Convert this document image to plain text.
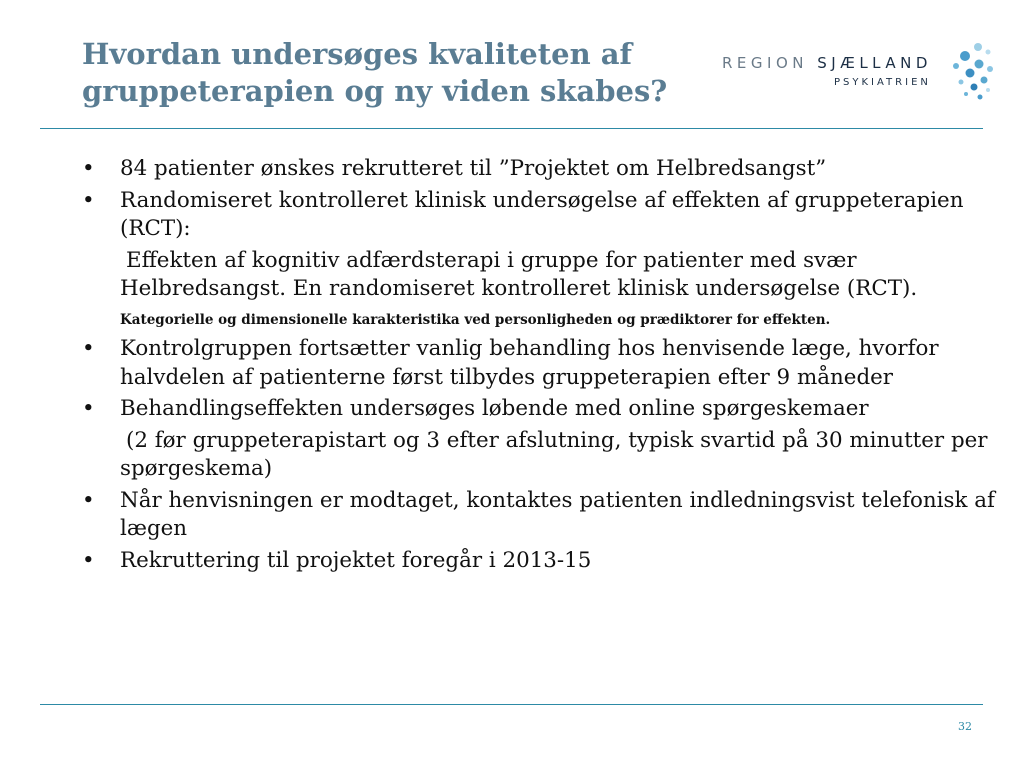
Hvordan undersøges kvaliteten af
gruppeterapien og ny viden skabes?
REGION SJÆLLAND
PSYKIATRIEN
• 84 patienter ønskes rekrutteret til ”Projektet om Helbredsangst”
• Randomiseret kontrolleret klinisk undersøgelse af effekten af gruppeterapien (RCT):
Effekten af kognitiv adfærdsterapi i gruppe for patienter med svær Helbredsangst. En randomiseret kontrolleret klinisk undersøgelse (RCT). Kategorielle og dimensionelle karakteristika ved personligheden og prædiktorer for effekten.
• Kontrolgruppen fortsætter vanlig behandling hos henvisende læge, hvorfor halvdelen af patienterne først tilbydes gruppeterapien efter 9 måneder
• Behandlingseffekten undersøges løbende med online spørgeskemaer
(2 før gruppeterapistart og 3 efter afslutning, typisk svartid på 30 minutter per spørgeskema)
• Når henvisningen er modtaget, kontaktes patienten indledningsvist telefonisk af lægen
• Rekruttering til projektet foregår i 2013-15
32
